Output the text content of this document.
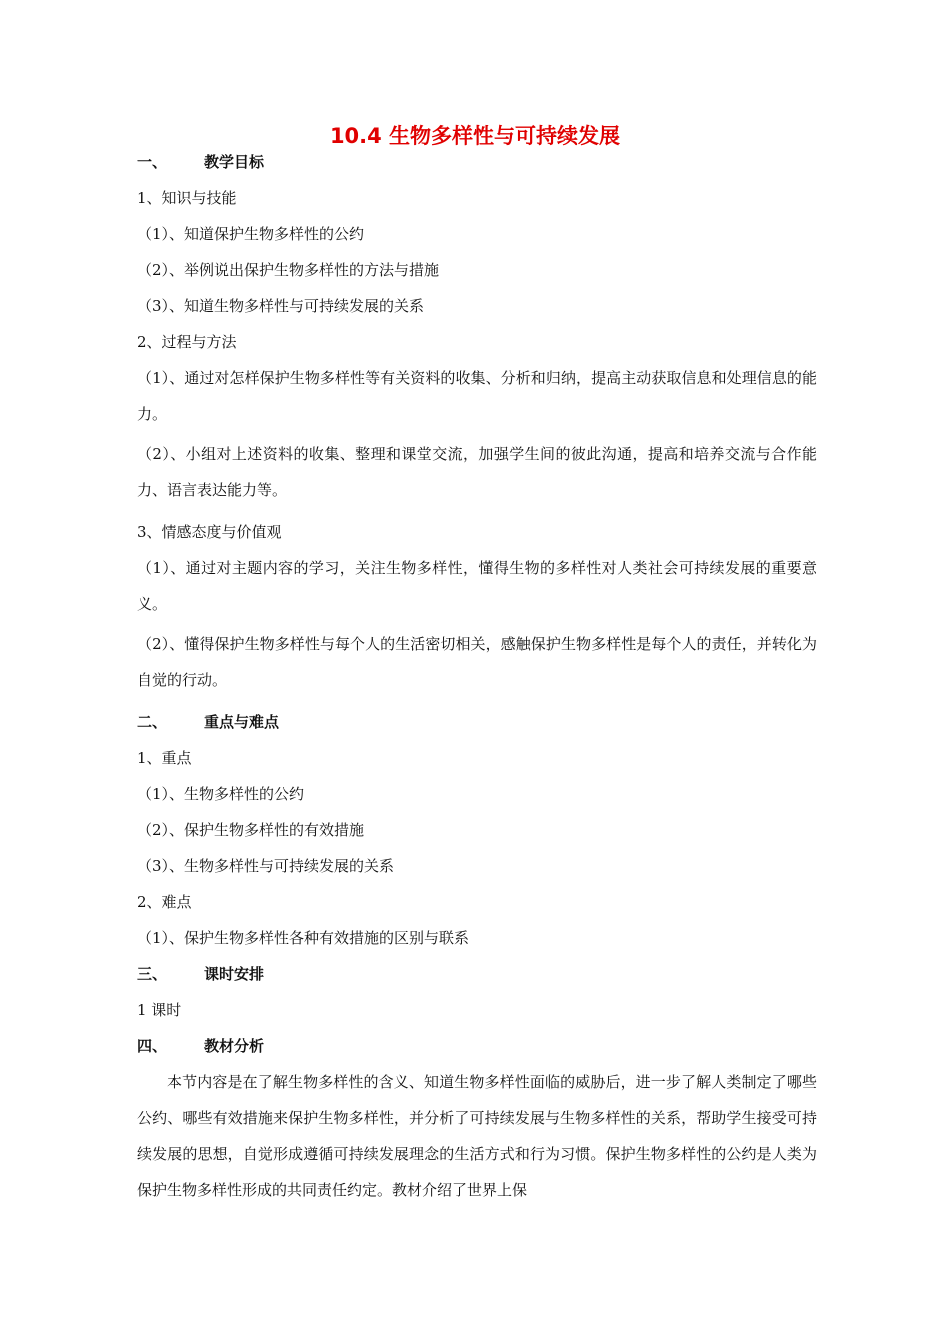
10.4 生物多样性与可持续发展
一、 教学目标
1、知识与技能
（1）、知道保护生物多样性的公约
（2）、举例说出保护生物多样性的方法与措施
（3）、知道生物多样性与可持续发展的关系
2、过程与方法
（1）、通过对怎样保护生物多样性等有关资料的收集、分析和归纳，提高主动获取信息和处理信息的能力。
（2）、小组对上述资料的收集、整理和课堂交流，加强学生间的彼此沟通，提高和培养交流与合作能力、语言表达能力等。
3、情感态度与价值观
（1）、通过对主题内容的学习，关注生物多样性，懂得生物的多样性对人类社会可持续发展的重要意义。
（2）、懂得保护生物多样性与每个人的生活密切相关，感触保护生物多样性是每个人的责任，并转化为自觉的行动。
二、 重点与难点
1、重点
（1）、生物多样性的公约
（2）、保护生物多样性的有效措施
（3）、生物多样性与可持续发展的关系
2、难点
（1）、保护生物多样性各种有效措施的区别与联系
三、 课时安排
1 课时
四、 教材分析
本节内容是在了解生物多样性的含义、知道生物多样性面临的威胁后，进一步了解人类制定了哪些公约、哪些有效措施来保护生物多样性，并分析了可持续发展与生物多样性的关系，帮助学生接受可持续发展的思想，自觉形成遵循可持续发展理念的生活方式和行为习惯。保护生物多样性的公约是人类为保护生物多样性形成的共同责任约定。教材介绍了世界上保
